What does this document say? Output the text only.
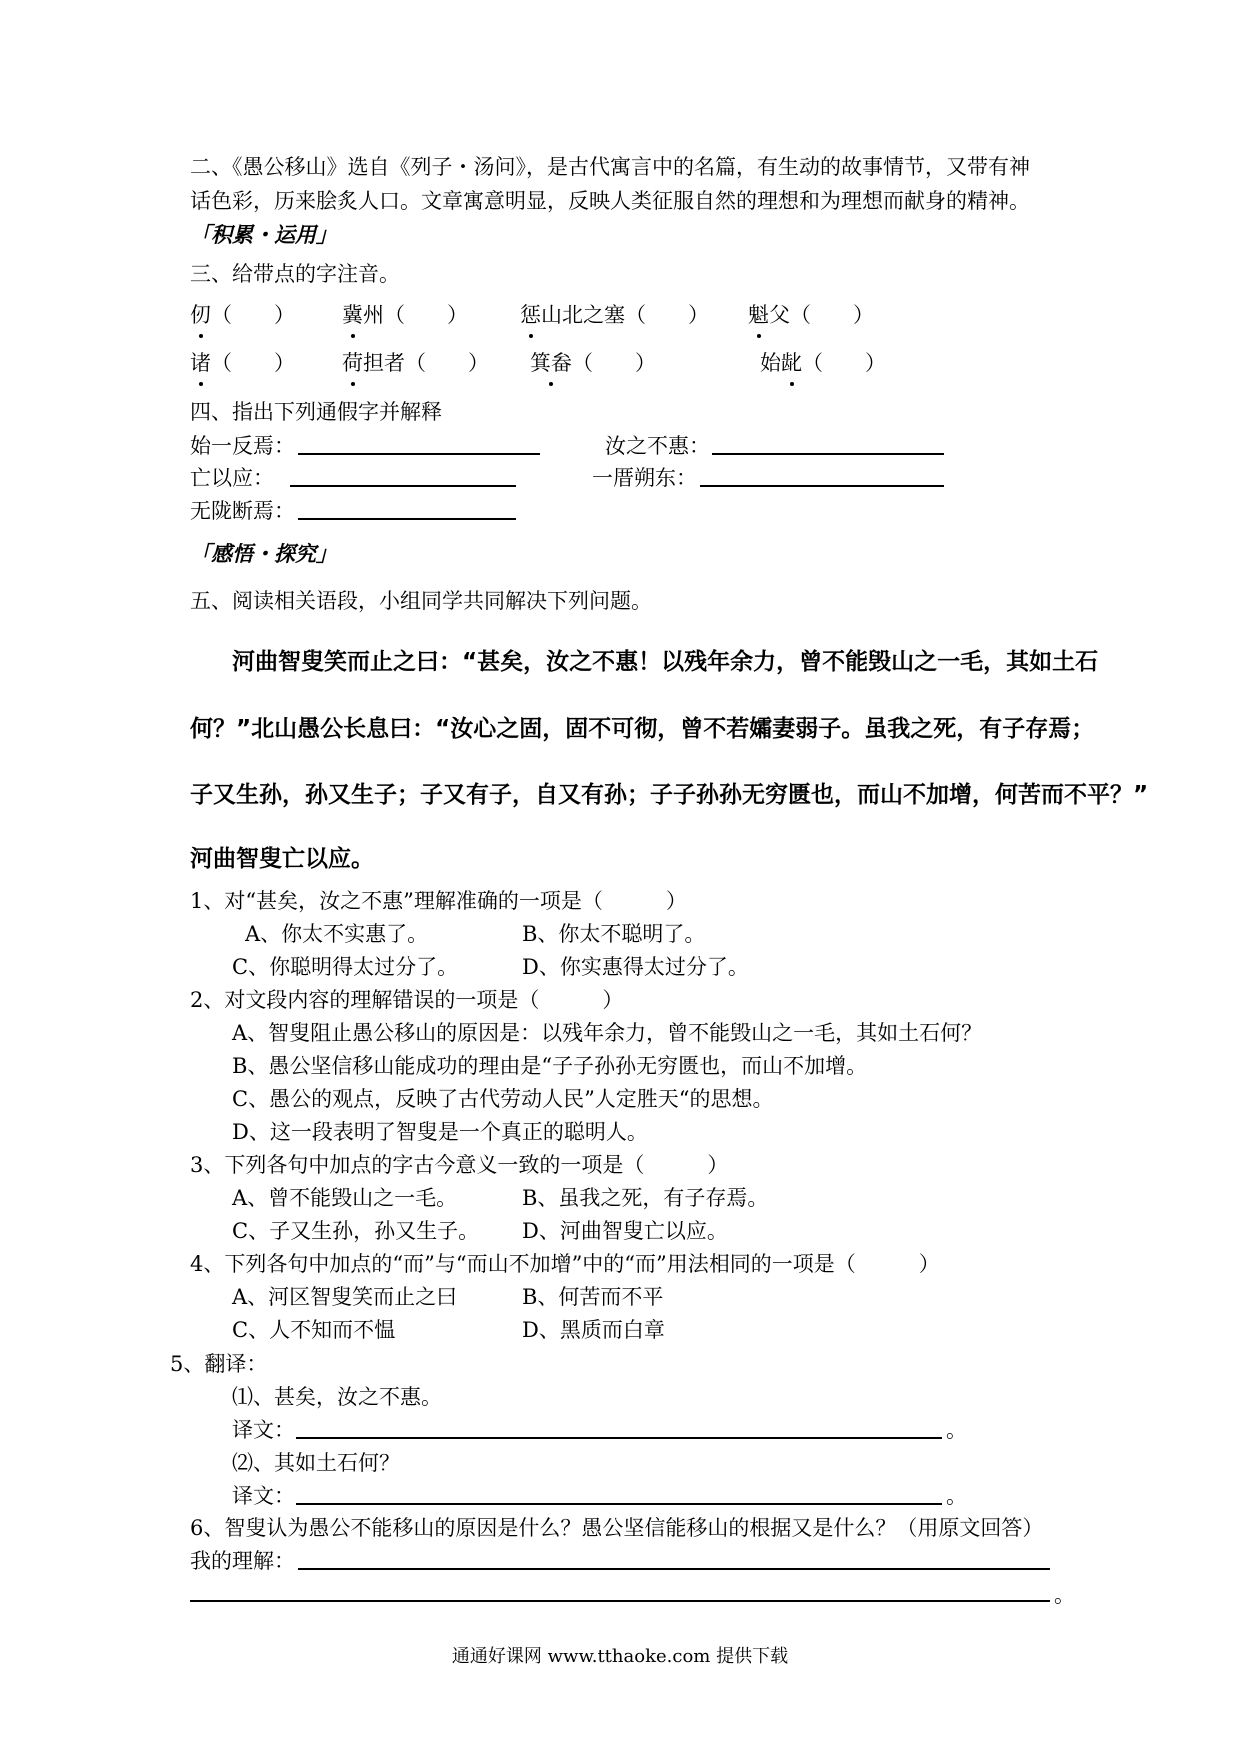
二、《愚公移山》选自《列子・汤问》，是古代寓言中的名篇，有生动的故事情节，又带有神
话色彩，历来脍炙人口。文章寓意明显，反映人类征服自然的理想和为理想而献身的精神。
「积累・运用」
三、给带点的字注音。
仞（　　） 冀州（　　） 惩山北之塞（　　） 魁父（　　）
诸（　　） 荷担者（　　） 箕畚（　　）	始龀（　　）
四、指出下列通假字并解释
始一反焉：	汝之不惠：
亡以应：	一厝朔东：
无陇断焉：
「感悟・探究」
五、阅读相关语段，小组同学共同解决下列问题。
河曲智叟笑而止之曰：“甚矣，汝之不惠！以残年余力，曾不能毁山之一毛，其如土石
何？”北山愚公长息曰：“汝心之固，固不可彻，曾不若孀妻弱子。虽我之死，有子存焉；
子又生孙，孙又生子；子又有子，自又有孙；子子孙孙无穷匮也，而山不加增，何苦而不平？”
河曲智叟亡以应。
1、对“甚矣，汝之不惠”理解准确的一项是（　　　）
A、你太不实惠了。	B、你太不聪明了。
C、你聪明得太过分了。	D、你实惠得太过分了。
2、对文段内容的理解错误的一项是（　　　）
A、智叟阻止愚公移山的原因是：以残年余力，曾不能毁山之一毛，其如土石何？
B、愚公坚信移山能成功的理由是“子子孙孙无穷匮也，而山不加增。
C、愚公的观点，反映了古代劳动人民”人定胜天“的思想。
D、这一段表明了智叟是一个真正的聪明人。
3、下列各句中加点的字古今意义一致的一项是（　　　）
A、曾不能毁山之一毛。	B、虽我之死，有子存焉。
C、子又生孙，孙又生子。 D、河曲智叟亡以应。
4、下列各句中加点的“而”与“而山不加增”中的“而”用法相同的一项是（　　　）
A、河区智叟笑而止之曰	B、何苦而不平
C、人不知而不愠	D、黑质而白章
5、翻译：
⑴、甚矣，汝之不惠。
译文：	。
⑵、其如土石何？
译文：	。
6、智叟认为愚公不能移山的原因是什么？愚公坚信能移山的根据又是什么？（用原文回答）
我的理解：
。
通通好课网 www.tthaoke.com 提供下载
